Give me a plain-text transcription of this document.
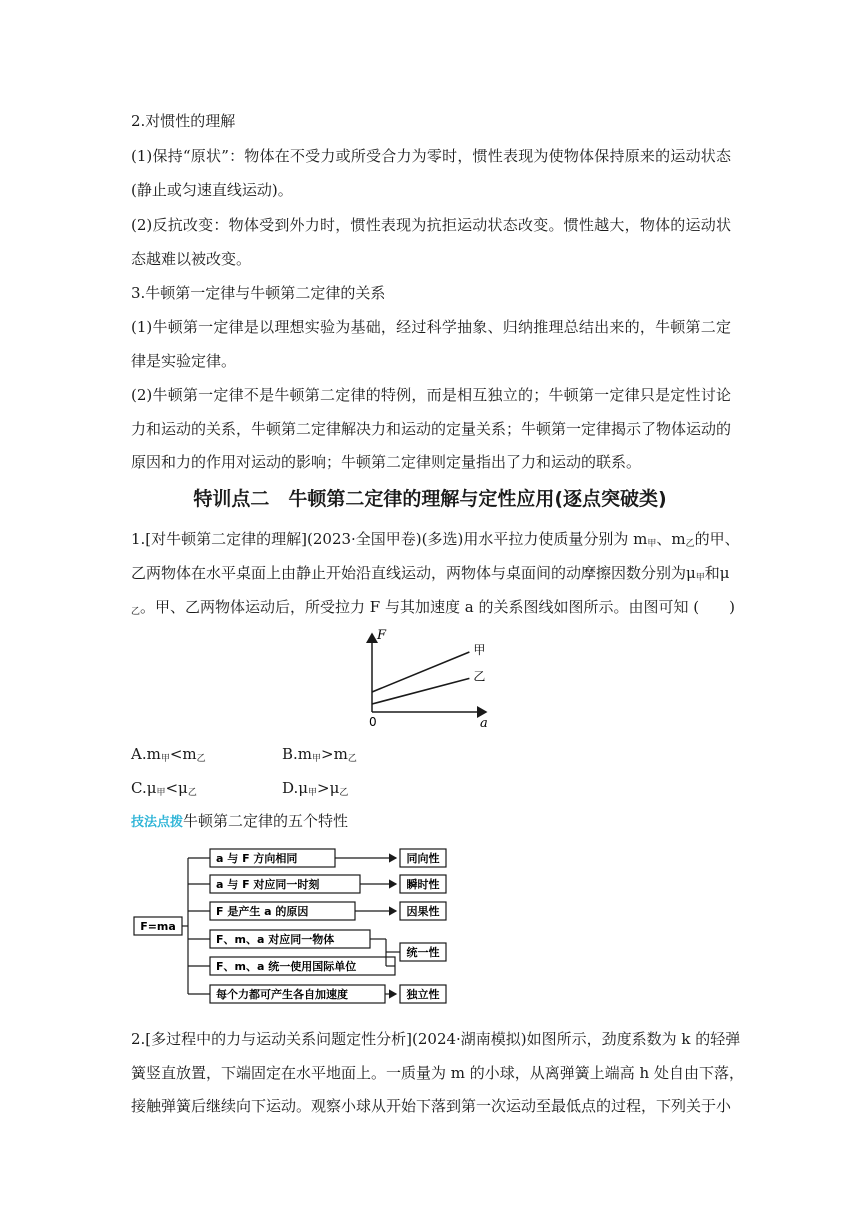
2.对惯性的理解
(1)保持“原状”：物体在不受力或所受合力为零时，惯性表现为使物体保持原来的运动状态
(静止或匀速直线运动)。
(2)反抗改变：物体受到外力时，惯性表现为抗拒运动状态改变。惯性越大，物体的运动状
态越难以被改变。
3.牛顿第一定律与牛顿第二定律的关系
(1)牛顿第一定律是以理想实验为基础，经过科学抽象、归纳推理总结出来的，牛顿第二定
律是实验定律。
(2)牛顿第一定律不是牛顿第二定律的特例，而是相互独立的；牛顿第一定律只是定性讨论
力和运动的关系，牛顿第二定律解决力和运动的定量关系；牛顿第一定律揭示了物体运动的
原因和力的作用对运动的影响；牛顿第二定律则定量指出了力和运动的联系。
特训点二　牛顿第二定律的理解与定性应用(逐点突破类)
1.[对牛顿第二定律的理解](2023·全国甲卷)(多选)用水平拉力使质量分别为 $m_甲$、$m_乙$的甲、
乙两物体在水平桌面上由静止开始沿直线运动，两物体与桌面间的动摩擦因数分别为$\mu_甲$和μ
$_乙$。甲、乙两物体运动后，所受拉力 F 与其加速度 a 的关系图线如图所示。由图可知 (　　)
F
a
0
甲
乙
$A.m_甲<m_乙$	$B.m_甲>m_乙$
$C.\mu_甲<\mu_乙$	$D.\mu_甲>\mu_乙$
技法点拨牛顿第二定律的五个特性
F=ma
a 与 F 方向相同	同向性
a 与 F 对应同一时刻	瞬时性
F 是产生 a 的原因	因果性
F、m、a 对应同一物体
F、m、a 统一使用国际单位
统一性
每个力都可产生各自加速度	独立性
2.[多过程中的力与运动关系问题定性分析](2024·湖南模拟)如图所示，劲度系数为 k 的轻弹
簧竖直放置，下端固定在水平地面上。一质量为 m 的小球，从离弹簧上端高 h 处自由下落，
接触弹簧后继续向下运动。观察小球从开始下落到第一次运动至最低点的过程，下列关于小
